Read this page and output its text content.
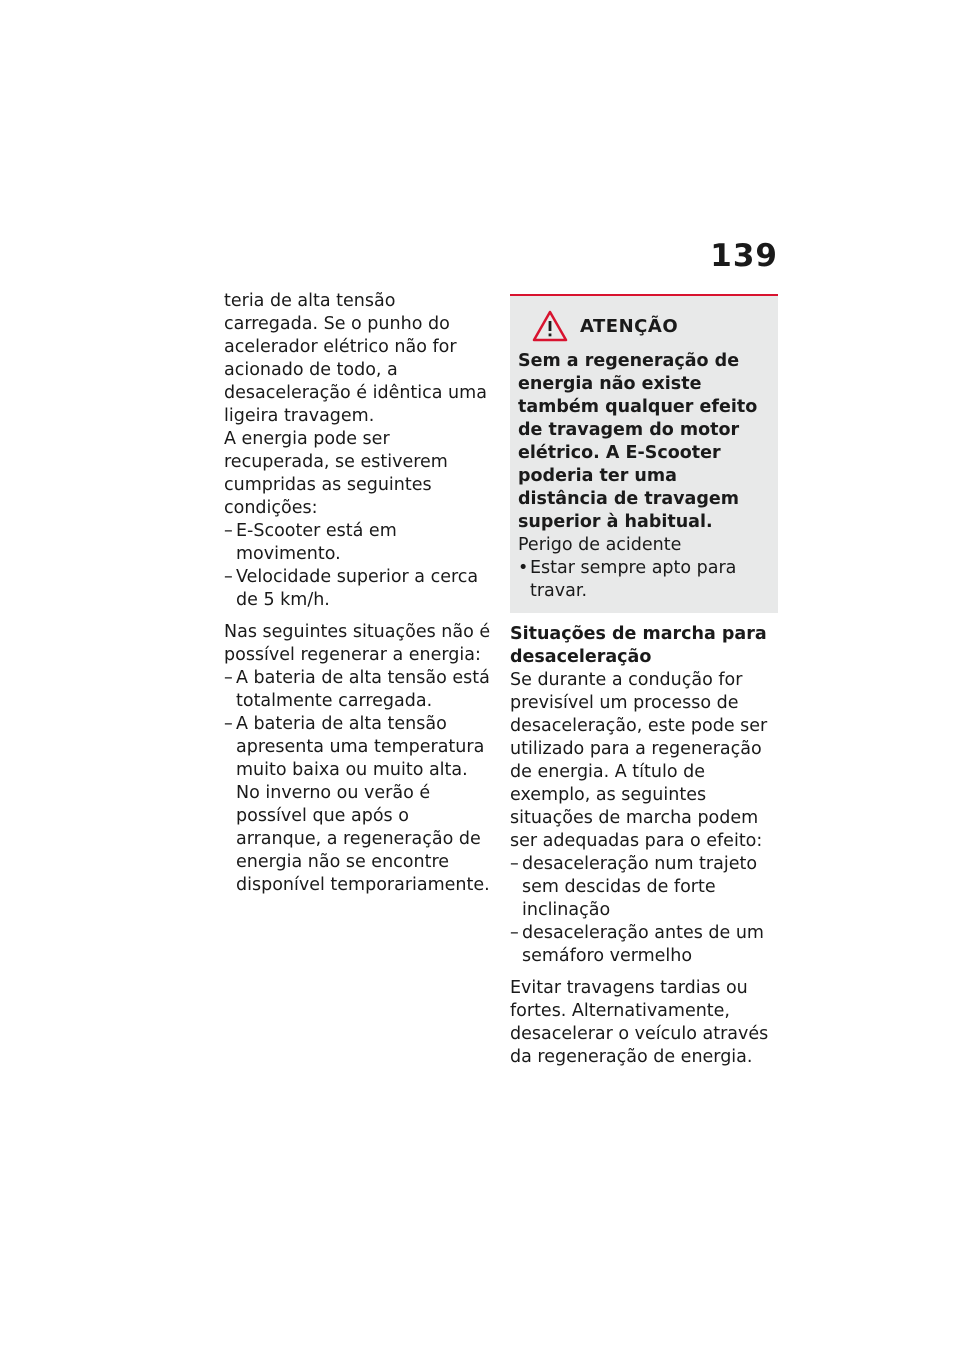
139

teria de alta tensão carregada. Se o punho do acelerador elétrico não for acionado de todo, a desaceleração é idêntica uma ligeira travagem.

A energia pode ser recuperada, se estiverem cumpridas as seguintes condições:

– E-Scooter está em movimento.
– Velocidade superior a cerca de 5 km/h.

Nas seguintes situações não é possível regenerar a energia:

– A bateria de alta tensão está totalmente carregada.
– A bateria de alta tensão apresenta uma temperatura muito baixa ou muito alta. No inverno ou verão é possível que após o arranque, a regeneração de energia não se encontre disponível temporariamente.
ATENÇÃO

Sem a regeneração de energia não existe também qualquer efeito de travagem do motor elétrico. A E-Scooter poderia ter uma distância de travagem superior à habitual.

Perigo de acidente

• Estar sempre apto para travar.

Situações de marcha para desaceleração

Se durante a condução for previsível um processo de desaceleração, este pode ser utilizado para a regeneração de energia. A título de exemplo, as seguintes situações de marcha podem ser adequadas para o efeito:

– desaceleração num trajeto sem descidas de forte inclinação
– desaceleração antes de um semáforo vermelho

Evitar travagens tardias ou fortes. Alternativamente, desacelerar o veículo através da regeneração de energia.
